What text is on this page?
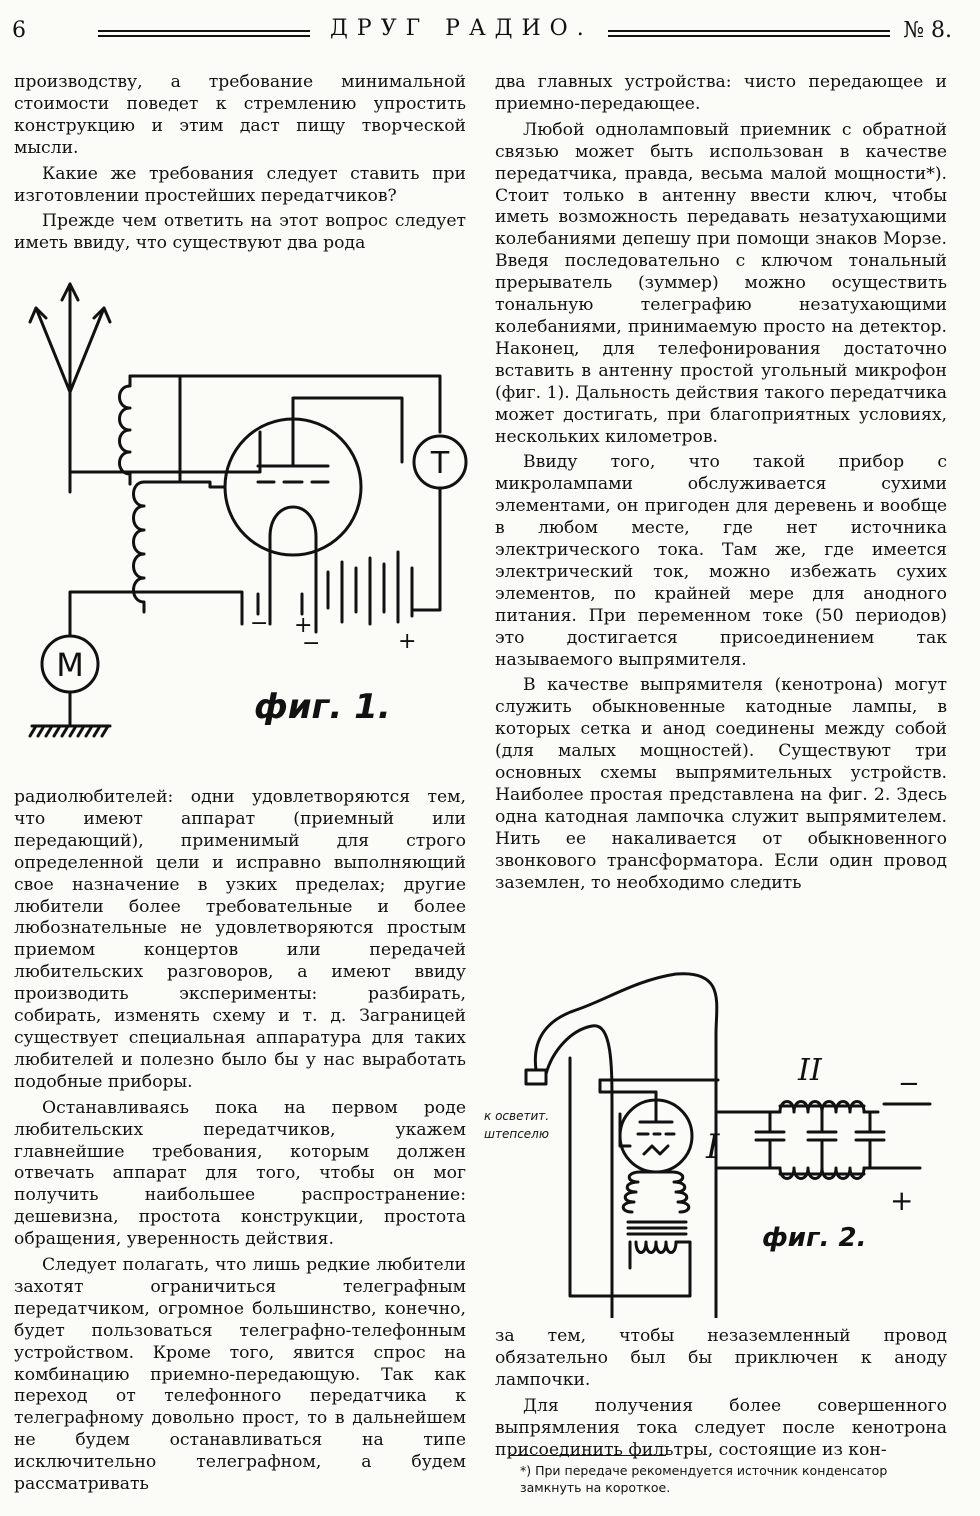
6	ДРУГ РАДИО.	№ 8.

производству, а требование минимальной стоимости поведет к стремлению упростить конструкцию и этим даст пищу творческой мысли.

Какие же требования следует ставить при изготовлении простейших передатчиков?

Прежде чем ответить на этот вопрос следует иметь ввиду, что существуют два рода

T
M
− +
−	+
фиг. 1.

радиолюбителей: одни удовлетворяются тем, что имеют аппарат (приемный или передающий), применимый для строго определенной цели и исправно выполняющий свое назначение в узких пределах; другие любители более требовательные и более любознательные не удовлетворяются простым приемом концертов или передачей любительских разговоров, а имеют ввиду производить эксперименты: разбирать, собирать, изменять схему и т. д. Заграницей существует специальная аппаратура для таких любителей и полезно было бы у нас выработать подобные приборы.

Останавливаясь пока на первом роде любительских передатчиков, укажем главнейшие требования, которым должен отвечать аппарат для того, чтобы он мог получить наибольшее распространение: дешевизна, простота конструкции, простота обращения, уверенность действия.

Следует полагать, что лишь редкие любители захотят ограничиться телеграфным передатчиком, огромное большинство, конечно, будет пользоваться телеграфно-телефонным устройством. Кроме того, явится спрос на комбинацию приемно-передающую. Так как переход от телефонного передатчика к телеграфному довольно прост, то в дальнейшем не будем останавливаться на типе исключительно телеграфном, а будем рассматривать

два главных устройства: чисто передающее и приемно-передающее.

Любой одноламповый приемник с обратной связью может быть использован в качестве передатчика, правда, весьма малой мощности*). Стоит только в антенну ввести ключ, чтобы иметь возможность передавать незатухающими колебаниями депешу при помощи знаков Морзе. Введя последовательно с ключом тональный прерыватель (зуммер) можно осуществить тональную телеграфию незатухающими колебаниями, принимаемую просто на детектор. Наконец, для телефонирования достаточно вставить в антенну простой угольный микрофон (фиг. 1). Дальность действия такого передатчика может достигать, при благоприятных условиях, нескольких километров.

Ввиду того, что такой прибор с микролампами обслуживается сухими элементами, он пригоден для деревень и вообще в любом месте, где нет источника электрического тока. Там же, где имеется электрический ток, можно избежать сухих элементов, по крайней мере для анодного питания. При переменном токе (50 периодов) это достигается присоединением так называемого выпрямителя.

В качестве выпрямителя (кенотрона) могут служить обыкновенные катодные лампы, в которых сетка и анод соединены между собой (для малых мощностей). Существуют три основных схемы выпрямительных устройств. Наиболее простая представлена на фиг. 2. Здесь одна катодная лампочка служит выпрямителем. Нить ее накаливается от обыкновенного звонкового трансформатора. Если один провод заземлен, то необходимо следить

к осветит.
штепселю	I
II	−
+
фиг. 2.

за тем, чтобы незаземленный провод обязательно был бы приключен к аноду лампочки.

Для получения более совершенного выпрямления тока следует после кенотрона присоединить фильтры, состоящие из кон-

*) При передаче рекомендуется источник конденсатор замкнуть на короткое.
